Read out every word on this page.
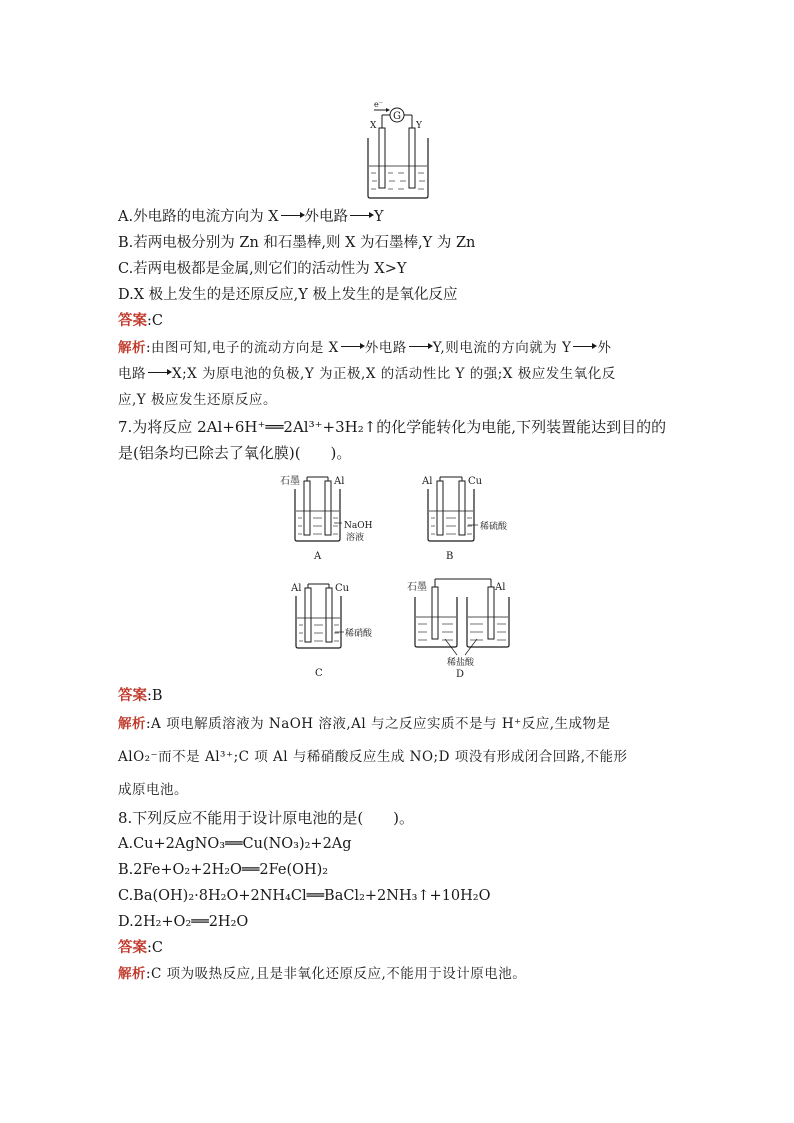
e⁻
G
X	Y
A.外电路的电流方向为 X 外电路 Y
B.若两电极分别为 Zn 和石墨棒,则 X 为石墨棒,Y 为 Zn
C.若两电极都是金属,则它们的活动性为 X>Y
D.X 极上发生的是还原反应,Y 极上发生的是氧化反应
答案:C
解析:由图可知,电子的流动方向是 X 外电路 Y,则电流的方向就为 Y 外
电路 X;X 为原电池的负极,Y 为正极,X 的活动性比 Y 的强;X 极应发生氧化反
应,Y 极应发生还原反应。
7.为将反应 2Al+6H⁺══2Al³⁺+3H₂↑的化学能转化为电能,下列装置能达到目的的
是(铝条均已除去了氧化膜)(　　)。
石墨	Al
NaOH
溶液
A
Al	Cu
稀硫酸
B
Al	Cu
稀硝酸
C
石墨	Al
稀盐酸
D
答案:B
解析:A 项电解质溶液为 NaOH 溶液,Al 与之反应实质不是与 H⁺反应,生成物是
AlO₂⁻而不是 Al³⁺;C 项 Al 与稀硝酸反应生成 NO;D 项没有形成闭合回路,不能形
成原电池。
8.下列反应不能用于设计原电池的是(　　)。
A.Cu+2AgNO₃══Cu(NO₃)₂+2Ag
B.2Fe+O₂+2H₂O══2Fe(OH)₂
C.Ba(OH)₂·8H₂O+2NH₄Cl══BaCl₂+2NH₃↑+10H₂O
D.2H₂+O₂══2H₂O
答案:C
解析:C 项为吸热反应,且是非氧化还原反应,不能用于设计原电池。
